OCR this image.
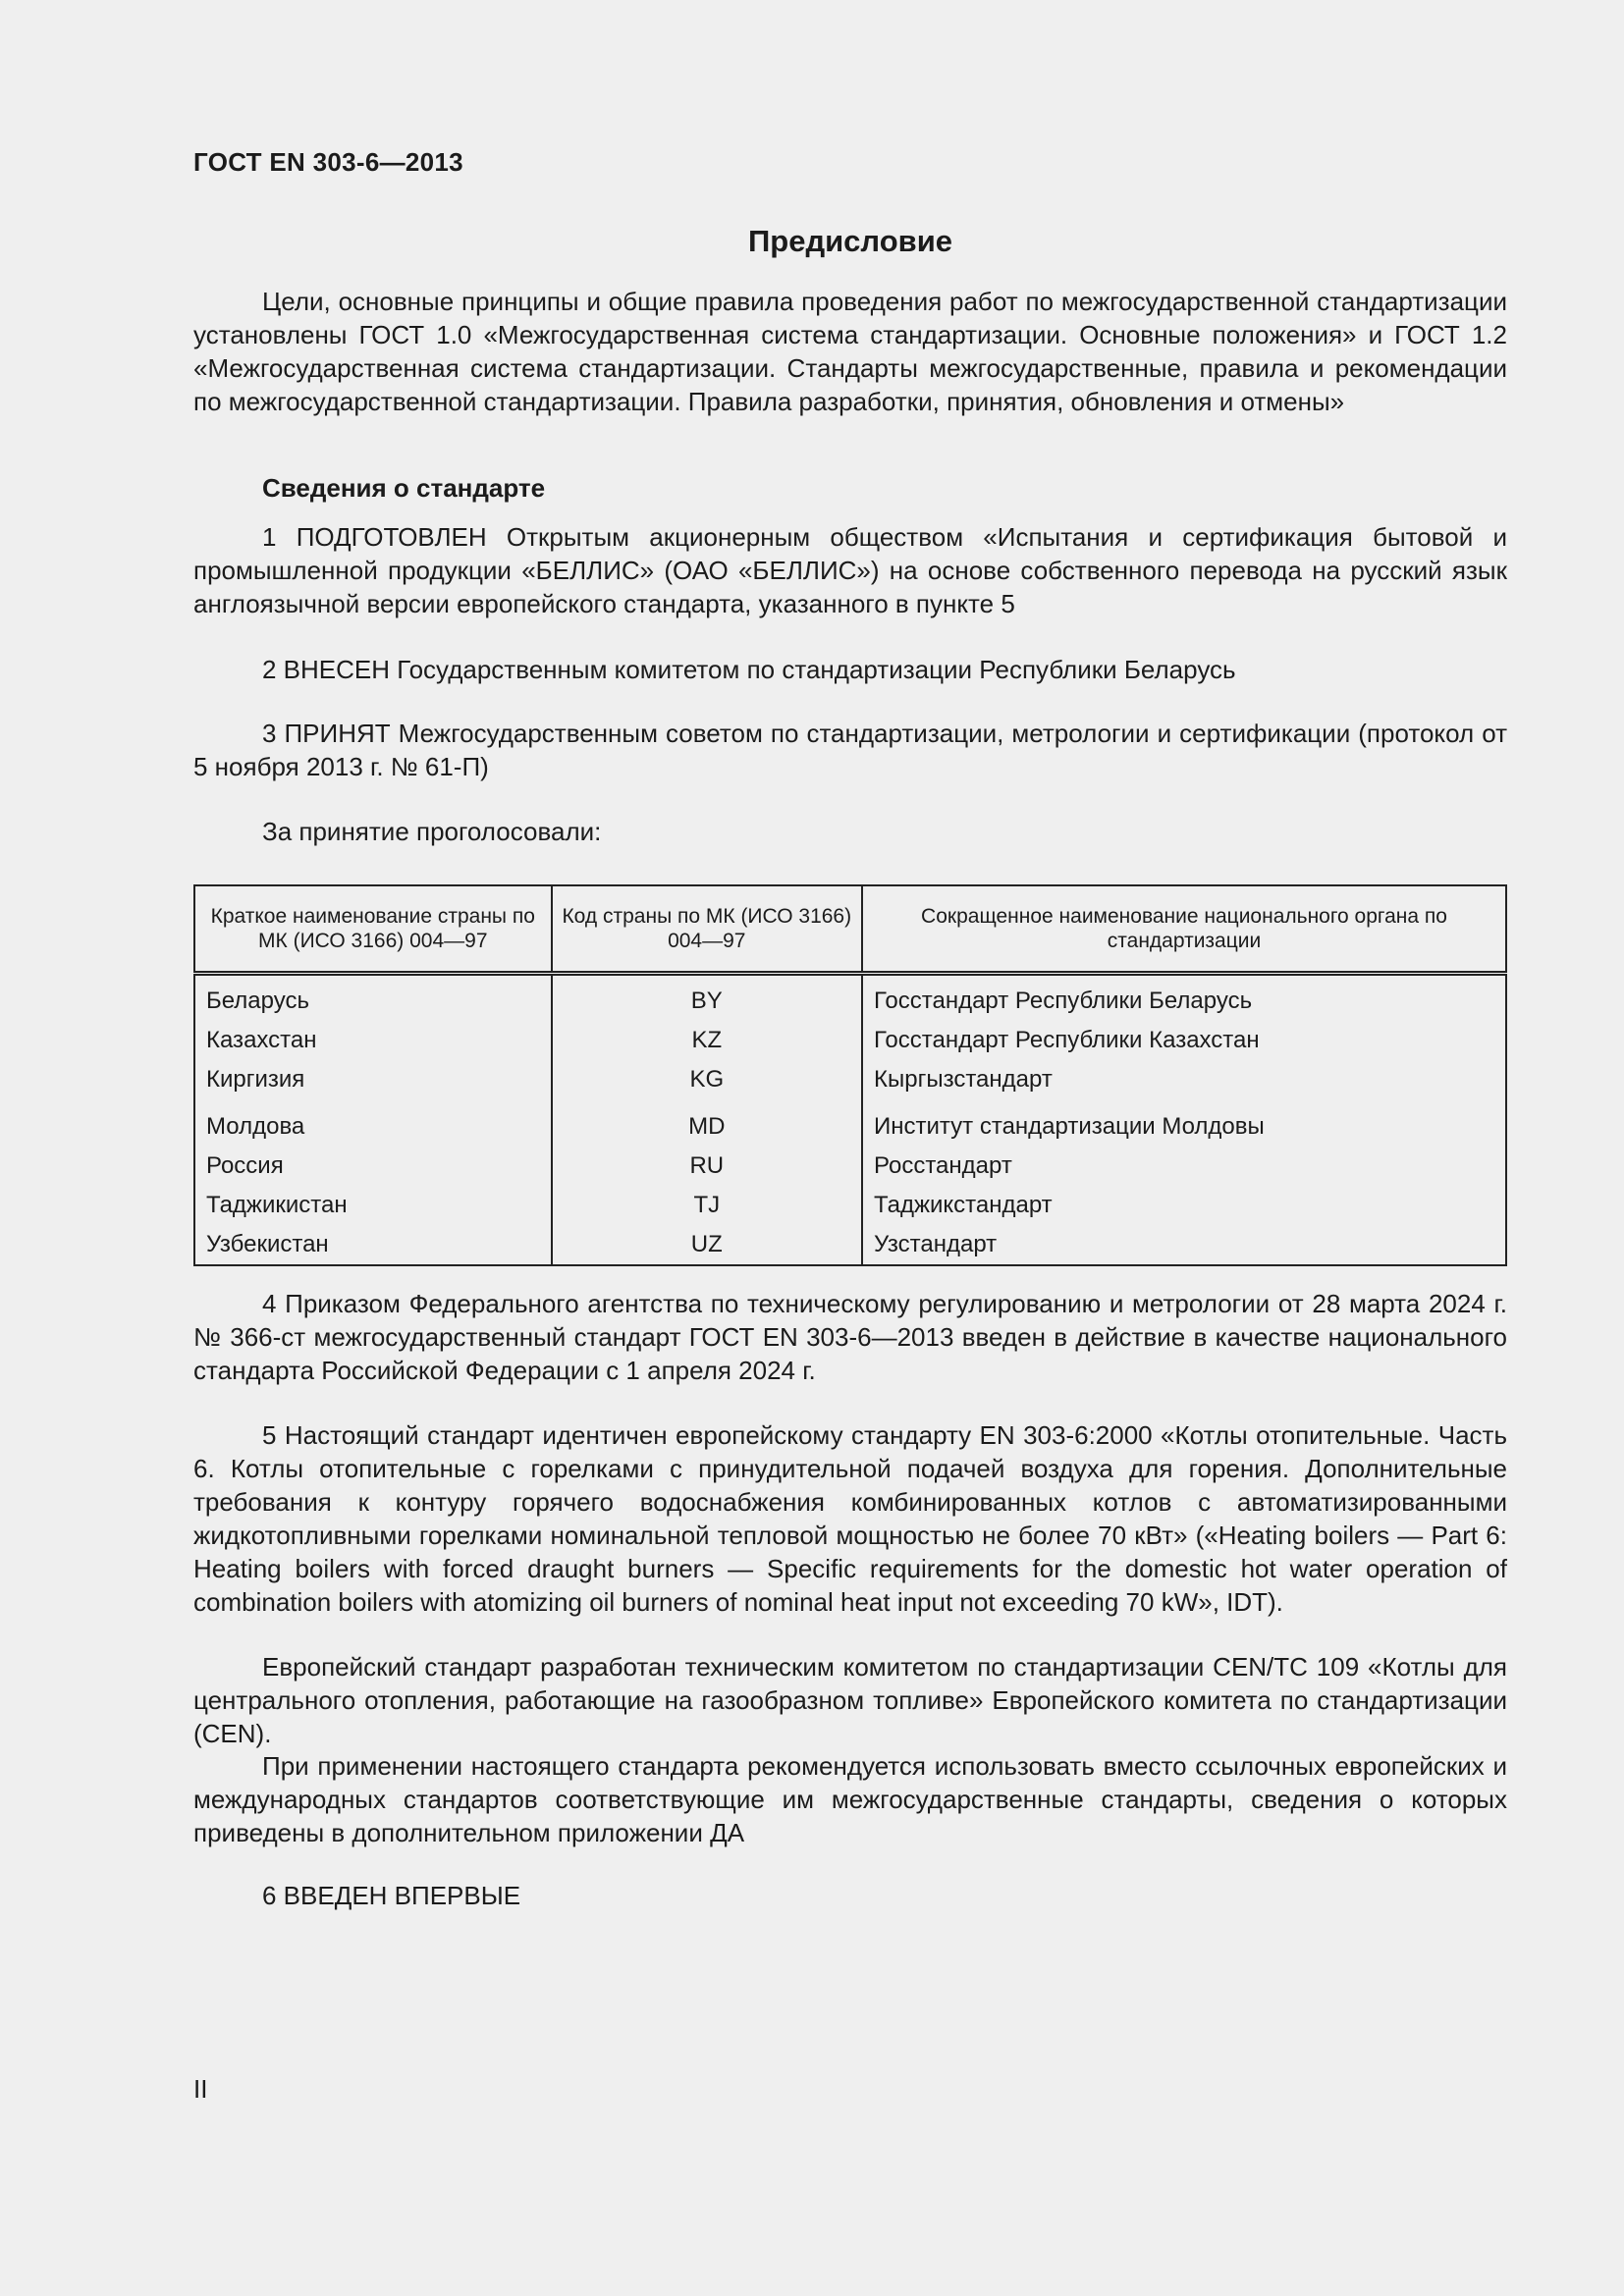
ГОСТ EN 303-6—2013
Предисловие

Цели, основные принципы и общие правила проведения работ по межгосударственной стандартизации установлены ГОСТ 1.0 «Межгосударственная система стандартизации. Основные положения» и ГОСТ 1.2 «Межгосударственная система стандартизации. Стандарты межгосударственные, правила и рекомендации по межгосударственной стандартизации. Правила разработки, принятия, обновления и отмены»

Сведения о стандарте

1 ПОДГОТОВЛЕН Открытым акционерным обществом «Испытания и сертификация бытовой и промышленной продукции «БЕЛЛИС» (ОАО «БЕЛЛИС») на основе собственного перевода на русский язык англоязычной версии европейского стандарта, указанного в пункте 5

2 ВНЕСЕН Государственным комитетом по стандартизации Республики Беларусь

3 ПРИНЯТ Межгосударственным советом по стандартизации, метрологии и сертификации (протокол от 5 ноября 2013 г. № 61-П)

За принятие проголосовали:
Краткое наименование страны по МК (ИСО 3166) 004—97	Код страны по МК (ИСО 3166) 004—97	Сокращенное наименование национального органа по стандартизации
Беларусь	BY	Госстандарт Республики Беларусь
Казахстан	KZ	Госстандарт Республики Казахстан
Киргизия	KG	Кыргызстандарт
Молдова	MD	Институт стандартизации Молдовы
Россия	RU	Росстандарт
Таджикистан	TJ	Таджикстандарт
Узбекистан	UZ	Узстандарт

4 Приказом Федерального агентства по техническому регулированию и метрологии от 28 марта 2024 г. № 366-ст межгосударственный стандарт ГОСТ EN 303-6—2013 введен в действие в качестве национального стандарта Российской Федерации с 1 апреля 2024 г.

5 Настоящий стандарт идентичен европейскому стандарту EN 303-6:2000 «Котлы отопительные. Часть 6. Котлы отопительные с горелками с принудительной подачей воздуха для горения. Дополнительные требования к контуру горячего водоснабжения комбинированных котлов с автоматизированными жидкотопливными горелками номинальной тепловой мощностью не более 70 кВт» («Heating boilers — Part 6: Heating boilers with forced draught burners — Specific requirements for the domestic hot water operation of combination boilers with atomizing oil burners of nominal heat input not exceeding 70 kW», IDT).

Европейский стандарт разработан техническим комитетом по стандартизации CEN/TC 109 «Котлы для центрального отопления, работающие на газообразном топливе» Европейского комитета по стандартизации (CEN).

При применении настоящего стандарта рекомендуется использовать вместо ссылочных европейских и международных стандартов соответствующие им межгосударственные стандарты, сведения о которых приведены в дополнительном приложении ДА

6 ВВЕДЕН ВПЕРВЫЕ
II
